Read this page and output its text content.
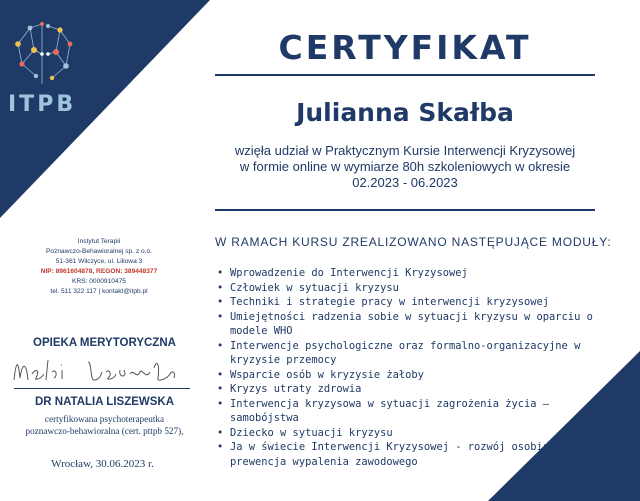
ITPB
CERTYFIKAT
Julianna Skałba
wzięła udział w Praktycznym Kursie Interwencji Kryzysowej
w formie online w wymiarze 80h szkoleniowych w okresie
02.2023 - 06.2023
W RAMACH KURSU ZREALIZOWANO NASTĘPUJĄCE MODUŁY:
• Wprowadzenie do Interwencji Kryzysowej
• Człowiek w sytuacji kryzysu
• Techniki i strategie pracy w interwencji kryzysowej
• Umiejętności radzenia sobie w sytuacji kryzysu w oparciu o modele WHO
• Interwencje psychologiczne oraz formalno-organizacyjne w kryzysie przemocy
• Wsparcie osób w kryzysie żałoby
• Kryzys utraty zdrowia
• Interwencja kryzysowa w sytuacji zagrożenia życia – samobójstwa
• Dziecko w sytuacji kryzysu
• Ja w świecie Interwencji Kryzysowej - rozwój osobisty oraz prewencja wypalenia zawodowego
Instytut Terapii
Poznawczo-Behawioralnej sp. z o.o.
51-361 Wilczyce, ul. Liliowa 3
NIP: 8961604878, REGON: 389448377
KRS: 0000910475
tel. 511 322 117 | kontakt@itpb.pl
OPIEKA MERYTORYCZNA
DR NATALIA LISZEWSKA
certyfikowana psychoterapeutka
poznawczo-behawioralna (cert. pttpb 527),
Wrocław, 30.06.2023 r.
